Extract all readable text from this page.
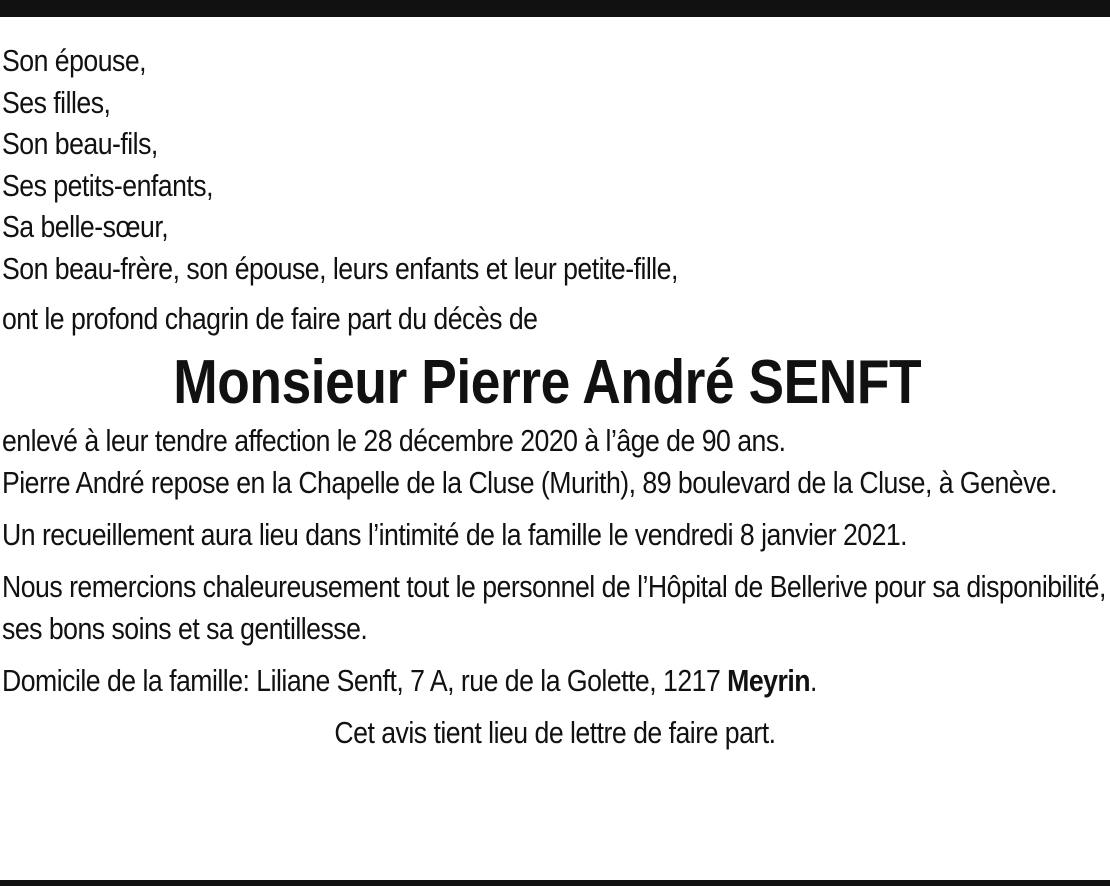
Son épouse,

Ses filles,

Son beau-fils,

Ses petits-enfants,

Sa belle-sœur,

Son beau-frère, son épouse, leurs enfants et leur petite-fille,

ont le profond chagrin de faire part du décès de

Monsieur Pierre André SENFT

enlevé à leur tendre affection le 28 décembre 2020 à l’âge de 90 ans.

Pierre André repose en la Chapelle de la Cluse (Murith), 89 boulevard de la Cluse, à Genève.

Un recueillement aura lieu dans l’intimité de la famille le vendredi 8 janvier 2021.

Nous remercions chaleureusement tout le personnel de l’Hôpital de Bellerive pour sa disponibilité, ses bons soins et sa gentillesse.

Domicile de la famille: Liliane Senft, 7 A, rue de la Golette, 1217 Meyrin.

Cet avis tient lieu de lettre de faire part.
